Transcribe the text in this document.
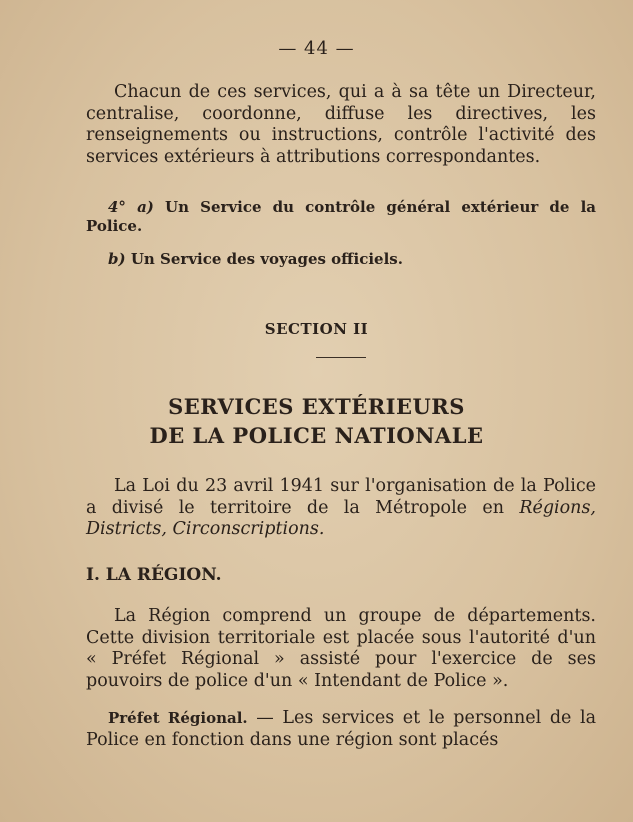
— 44 —
Chacun de ces services, qui a à sa tête un Directeur, centralise, coordonne, diffuse les directives, les renseignements ou instructions, contrôle l'activité des services extérieurs à attributions correspondantes.
4° a) Un Service du contrôle général extérieur de la Police.
b) Un Service des voyages officiels.
SECTION II
SERVICES EXTÉRIEURS
DE LA POLICE NATIONALE
La Loi du 23 avril 1941 sur l'organisation de la Police a divisé le territoire de la Métropole en Régions, Districts, Circonscriptions.
I. LA RÉGION.
La Région comprend un groupe de départements. Cette division territoriale est placée sous l'autorité d'un « Préfet Régional » assisté pour l'exercice de ses pouvoirs de police d'un « Intendant de Police ».
Préfet Régional. — Les services et le personnel de la Police en fonction dans une région sont placés
